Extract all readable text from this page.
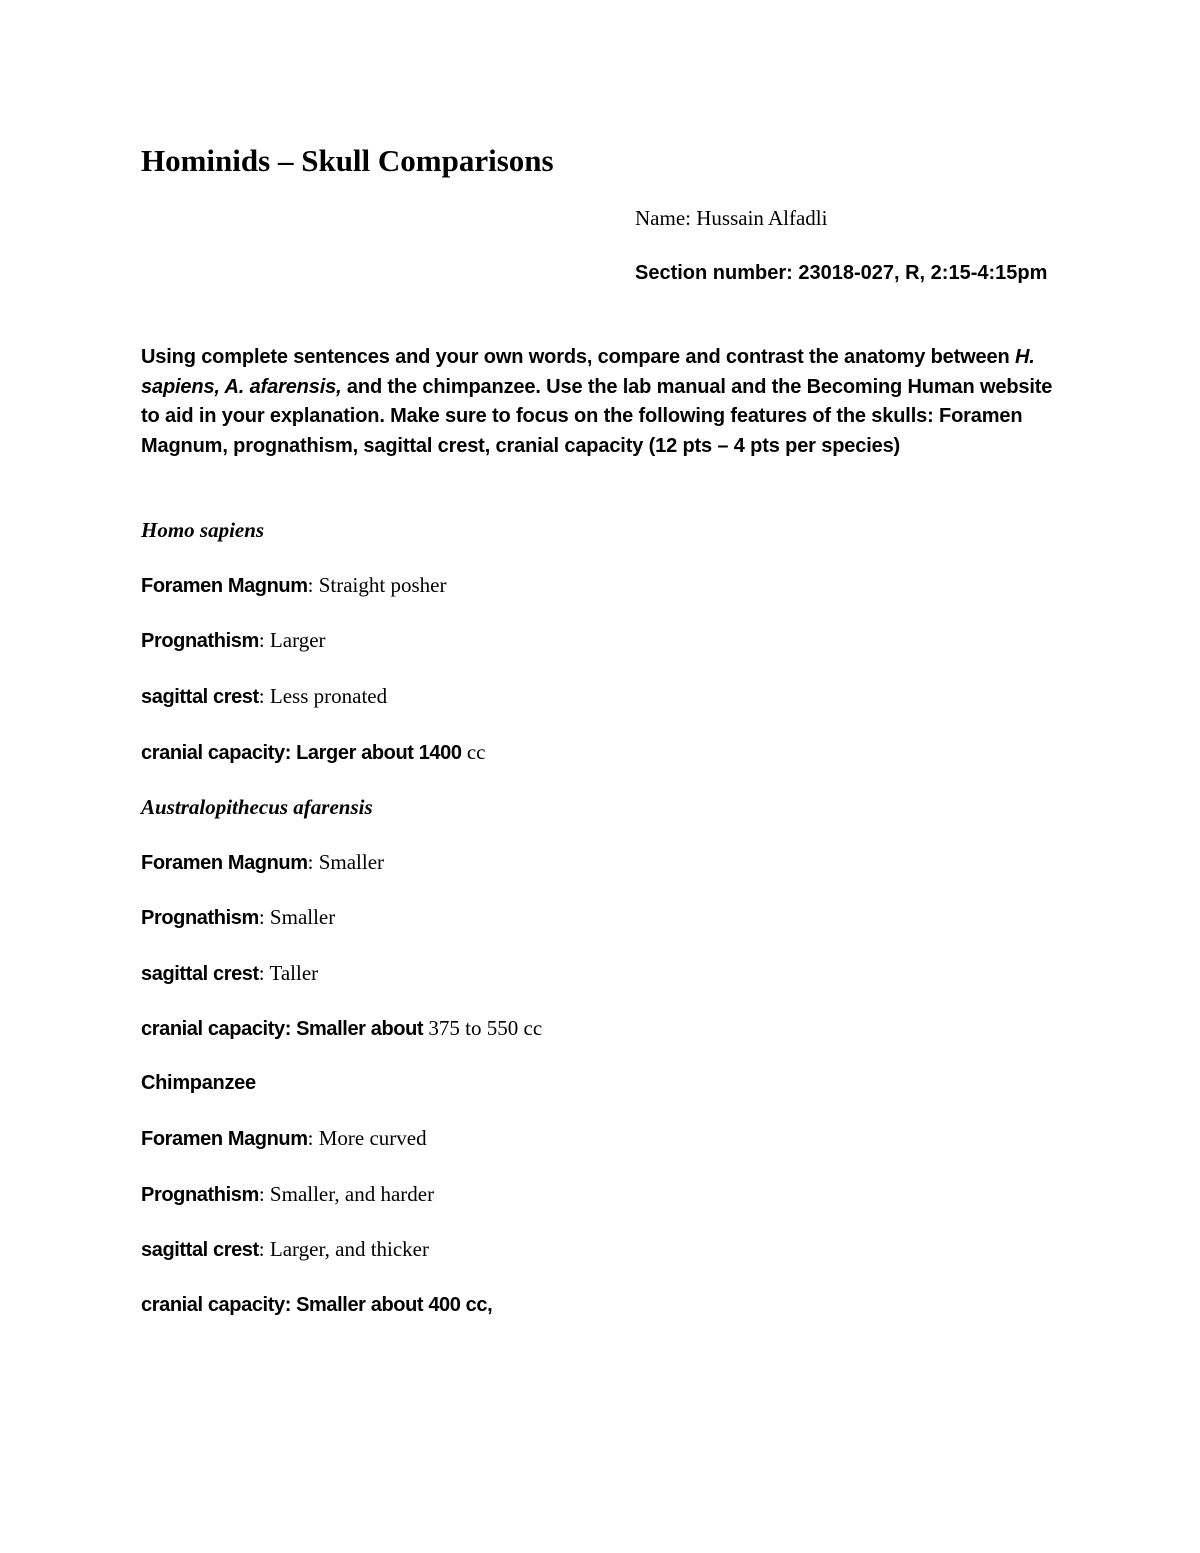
Hominids – Skull Comparisons
Name: Hussain Alfadli
Section number: 23018-027, R, 2:15-4:15pm
Using complete sentences and your own words, compare and contrast the anatomy between H. sapiens, A. afarensis, and the chimpanzee. Use the lab manual and the Becoming Human website to aid in your explanation. Make sure to focus on the following features of the skulls: Foramen Magnum, prognathism, sagittal crest, cranial capacity (12 pts – 4 pts per species)
Homo sapiens
Foramen Magnum: Straight posher
Prognathism: Larger
sagittal crest: Less pronated
cranial capacity: Larger about 1400 cc
Australopithecus afarensis
Foramen Magnum: Smaller
Prognathism: Smaller
sagittal crest: Taller
cranial capacity: Smaller about 375 to 550 cc
Chimpanzee
Foramen Magnum: More curved
Prognathism: Smaller, and harder
sagittal crest: Larger, and thicker
cranial capacity: Smaller about 400 cc,
